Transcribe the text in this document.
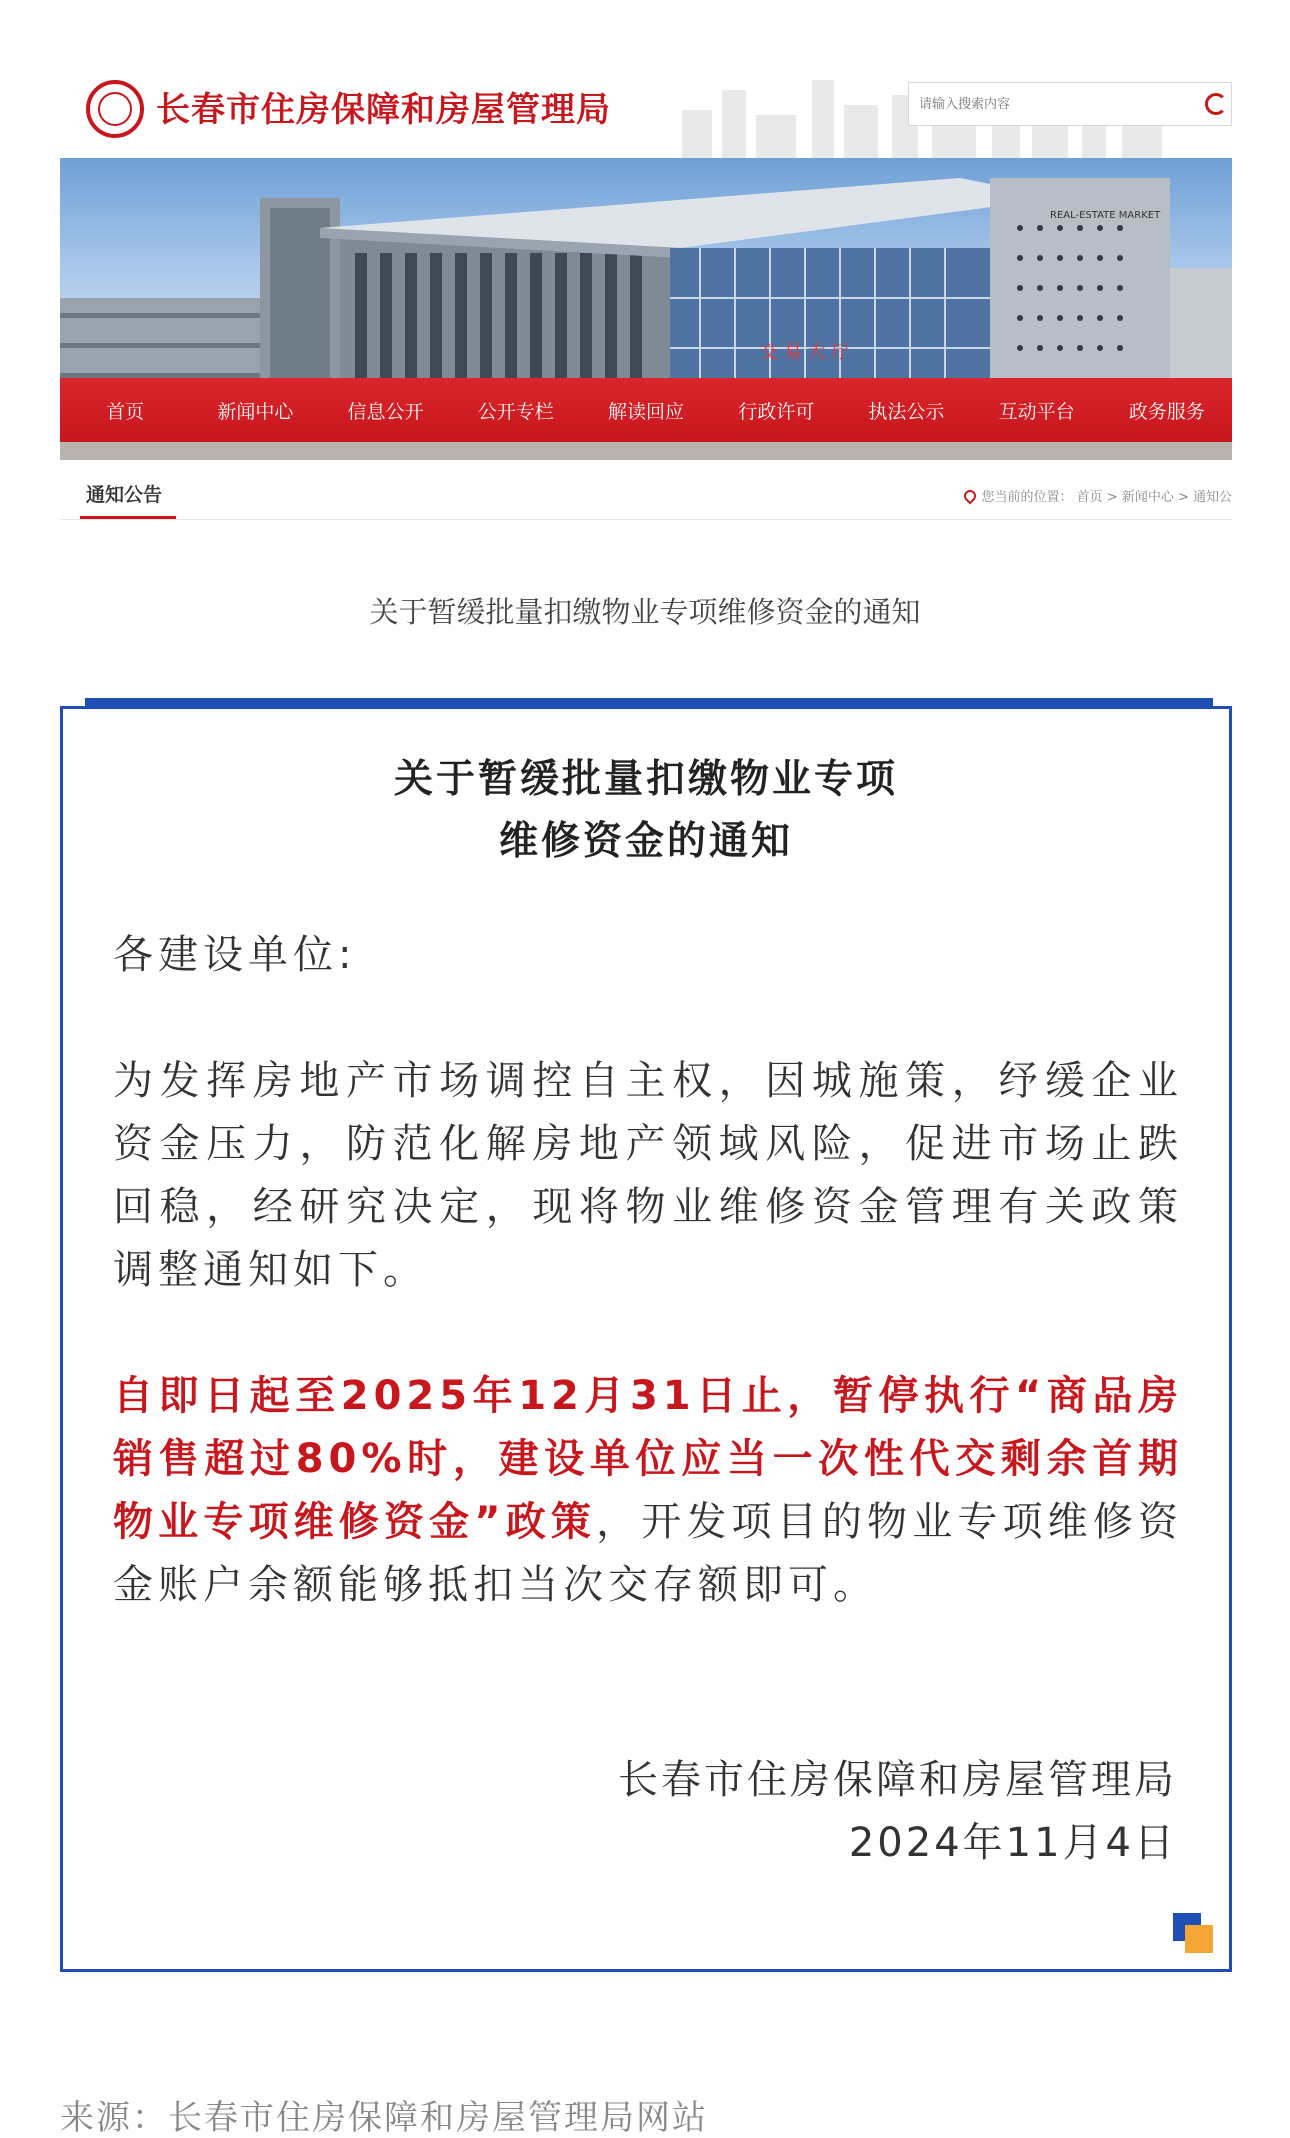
长春市住房保障和房屋管理局
请输入搜索内容
交 易 大 厅
REAL-ESTATE MARKET
首页	新闻中心	信息公开	公开专栏	解读回应	行政许可	执法公示	互动平台	政务服务
通知公告	您当前的位置： 首页 > 新闻中心 > 通知公
关于暂缓批量扣缴物业专项维修资金的通知
关于暂缓批量扣缴物业专项
维修资金的通知
各建设单位:
为发挥房地产市场调控自主权，因城施策，纾缓企业资金压力，防范化解房地产领域风险，促进市场止跌回稳，经研究决定，现将物业维修资金管理有关政策调整通知如下。
自即日起至2025年12月31日止，暂停执行“商品房销售超过80%时，建设单位应当一次性代交剩余首期物业专项维修资金”政策，开发项目的物业专项维修资金账户余额能够抵扣当次交存额即可。
长春市住房保障和房屋管理局
2024年11月4日
来源：长春市住房保障和房屋管理局网站
